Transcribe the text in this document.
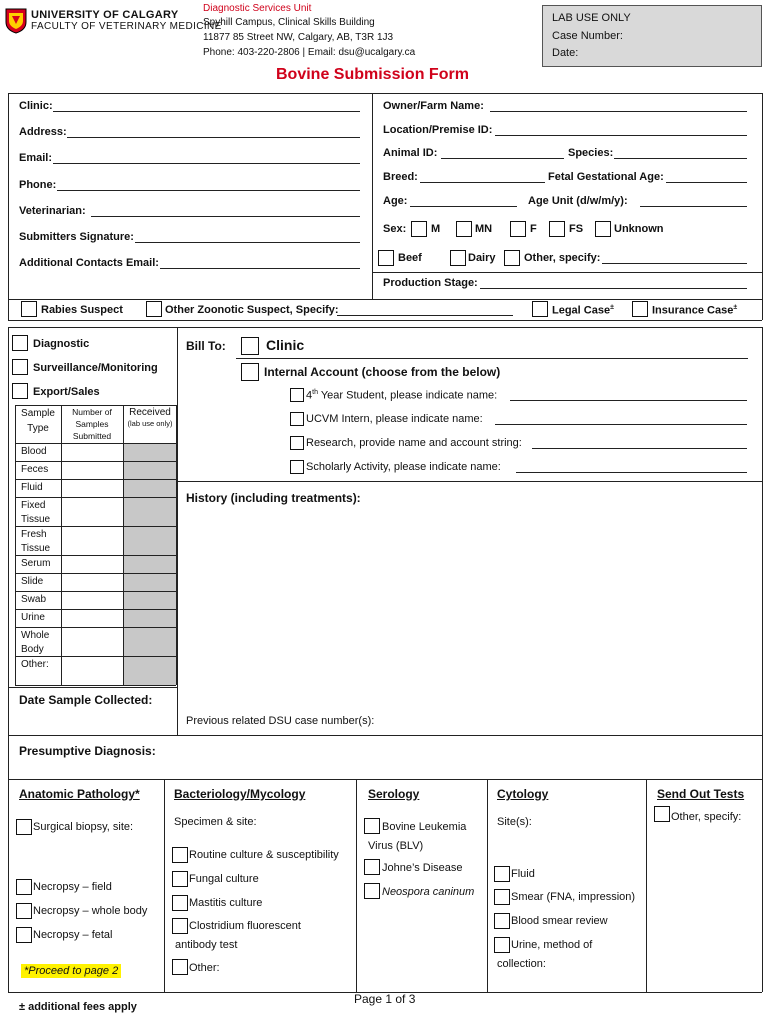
UNIVERSITY OF CALGARY
FACULTY OF VETERINARY MEDICINE
Diagnostic Services Unit
Spyhill Campus, Clinical Skills Building
11877 85 Street NW, Calgary, AB, T3R 1J3
Phone: 403-220-2806 | Email: dsu@ucalgary.ca
LAB USE ONLY
Case Number:
Date:
Bovine Submission Form
Clinic:
Address:
Email:
Phone:
Veterinarian:
Submitters Signature:
Additional Contacts Email:
Owner/Farm Name:
Location/Premise ID:
Animal ID:	Species:
Breed:	Fetal Gestational Age:
Age:	Age Unit (d/w/m/y):
Sex: M	MN	F	FS	Unknown
Beef	Dairy	Other, specify:
Production Stage:
Rabies Suspect	Other Zoonotic Suspect, Specify:	Legal Case±	Insurance Case±
Diagnostic
Surveillance/Monitoring
Export/Sales
Sample Type
Number of Samples Submitted
Received
(lab use only)
Blood
Feces
Fluid
Fixed Tissue
Fresh Tissue
Serum
Slide
Swab
Urine
Whole Body
Other:
Date Sample Collected:
Bill To:	Clinic
Internal Account (choose from the below)
4th Year Student, please indicate name:
UCVM Intern, please indicate name:
Research, provide name and account string:
Scholarly Activity, please indicate name:
History (including treatments):
Previous related DSU case number(s):
Presumptive Diagnosis:
Anatomic Pathology*
Surgical biopsy, site:
Necropsy – field
Necropsy – whole body
Necropsy – fetal
*Proceed to page 2
Bacteriology/Mycology
Specimen & site:
Routine culture & susceptibility
Fungal culture
Mastitis culture
Clostridium fluorescent
antibody test
Other:
Serology
Bovine Leukemia
Virus (BLV)
Johne’s Disease
Neospora caninum
Cytology
Site(s):
Fluid
Smear (FNA, impression)
Blood smear review
Urine, method of
collection:
Send Out Tests
Other, specify:
± additional fees apply
Page 1 of 3
